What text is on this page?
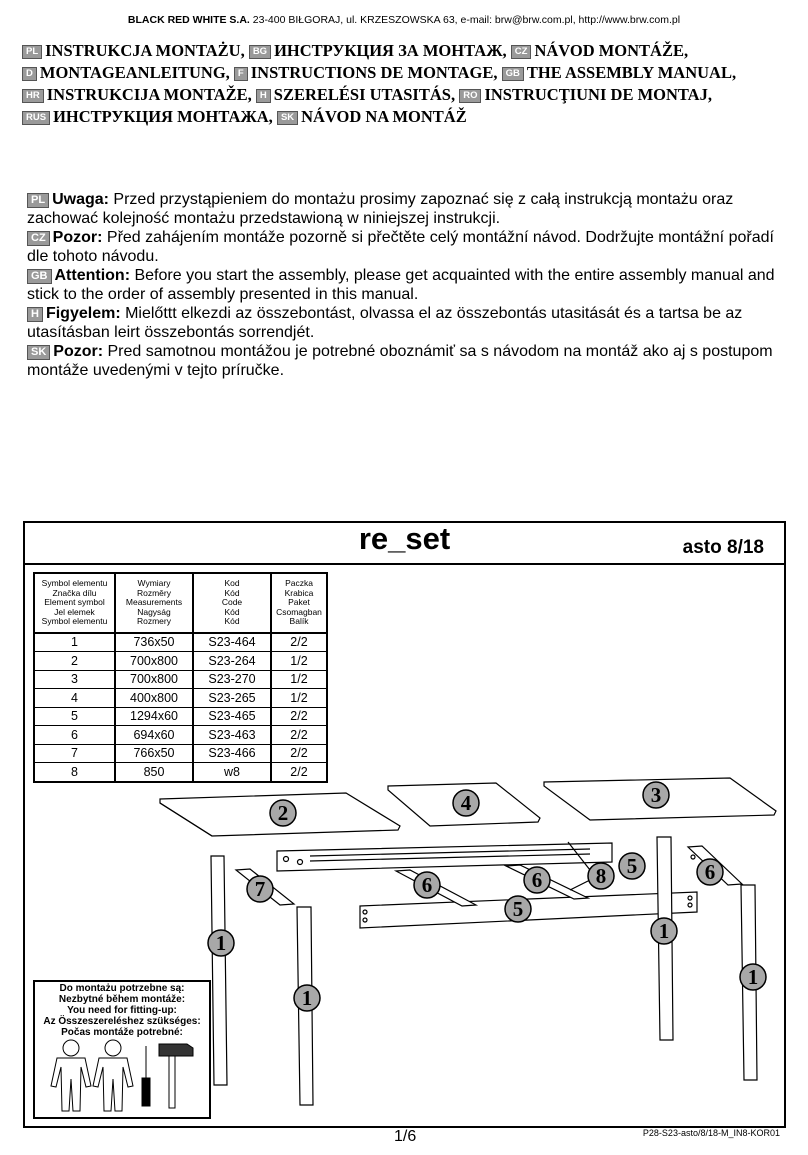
BLACK RED WHITE S.A. 23-400 BIŁGORAJ, ul. KRZESZOWSKA 63, e-mail: brw@brw.com.pl, http://www.brw.com.pl
PL INSTRUKCJA MONTAŻU, BG ИНСТРУКЦИЯ ЗА МОНТАЖ, CZ NÁVOD MONTÁŽE,
D MONTAGEANLEITUNG, F INSTRUCTIONS DE MONTAGE, GB THE ASSEMBLY MANUAL,
HR INSTRUKCIJA MONTAŽE, H SZERELÉSI UTASITÁS, RO INSTRUCŢIUNI DE MONTAJ,
RUS ИНСТРУКЦИЯ МОНТАЖА, SK NÁVOD NA MONTÁŽ

PL Uwaga: Przed przystąpieniem do montażu prosimy zapoznać się z całą instrukcją montażu oraz zachować kolejność montażu przedstawioną w niniejszej instrukcji.

CZ Pozor: Před zahájením montáže pozorně si přečtěte celý montážní návod. Dodržujte montážní pořadí dle tohoto návodu.

GB Attention: Before you start the assembly, please get acquainted with the entire assembly manual and stick to the order of assembly presented in this manual.

H Figyelem: Mielőttt elkezdi az összebontást, olvassa el az összebontás utasitását és a tartsa be az utasításban leirt összebontás sorrendjét.

SK Pozor: Pred samotnou montážou je potrebné oboznámiť sa s návodom na montáž ako aj s postupom montáže uvedenými v tejto príručke.

re_set	asto 8/18
Symbol elementu
Značka dílu
Element symbol
Jel elemek
Symbol elementu	Wymiary
Rozměry
Measurements
Nagyság
Rozmery	Kod
Kód
Code
Kód
Kód	Paczka
Krabica
Paket
Csomagban
Balík
1	736x50	S23-464	2/2
2	700x800	S23-264	1/2
3	700x800	S23-270	1/2
4	400x800	S23-265	1/2
5	1294x60	S23-465	2/2
6	694x60	S23-463	2/2
7	766x50	S23-466	2/2
8	850	w8	2/2
2	4	3
7	6	6	8 5	6
5
1	1
1
1
Do montażu potrzebne są:
Nezbytné během montáže:
You need for fitting-up:
Az Összeszereléshez szükséges:
Počas montáže potrebné:
1/6	P28-S23-asto/8/18-M_IN8-KOR01
